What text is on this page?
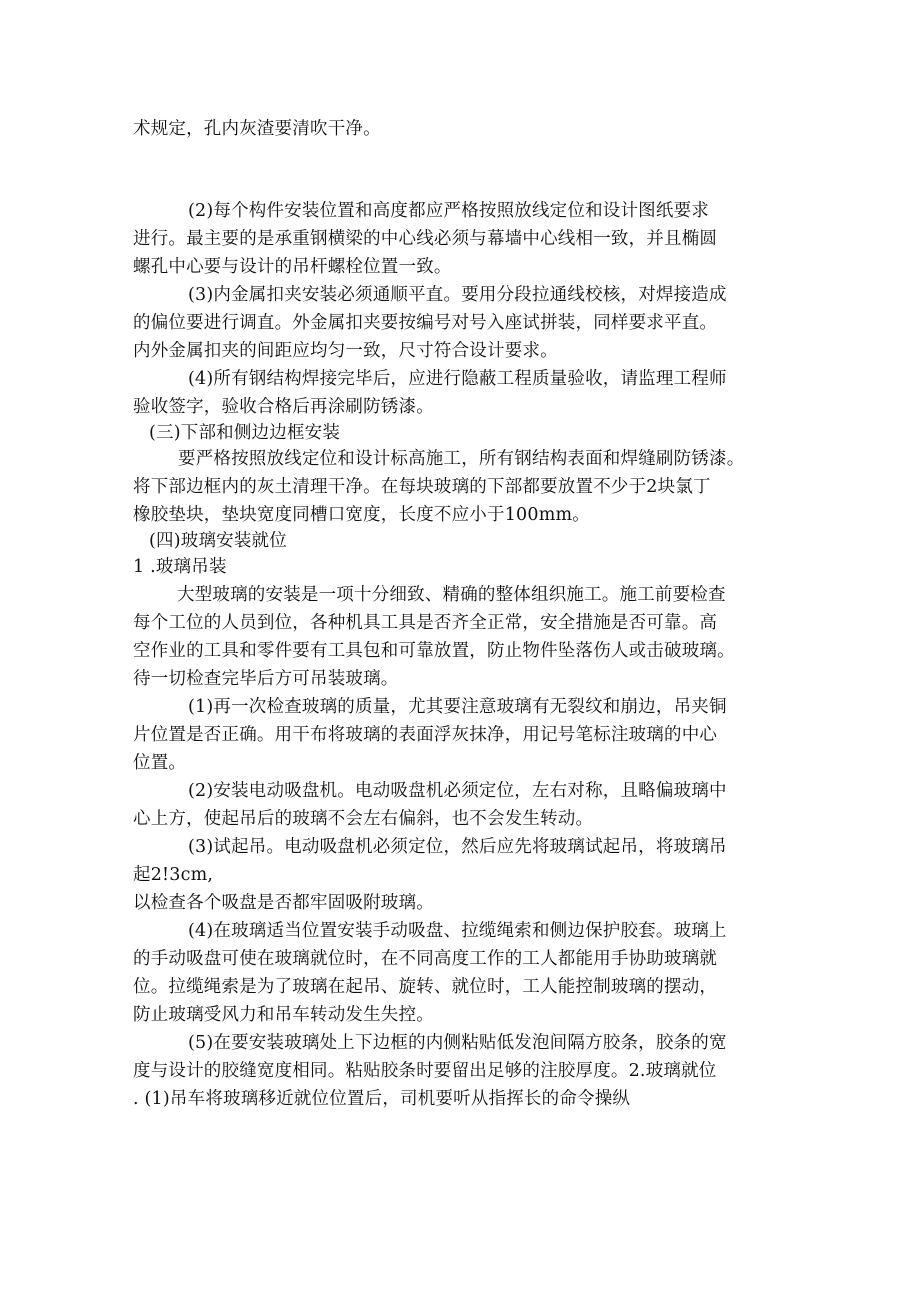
术规定，孔内灰渣要清吹干净。
(2)每个构件安装位置和高度都应严格按照放线定位和设计图纸要求
进行。最主要的是承重钢横梁的中心线必须与幕墙中心线相一致，并且椭圆
螺孔中心要与设计的吊杆螺栓位置一致。
(3)内金属扣夹安装必须通顺平直。要用分段拉通线校核，对焊接造成
的偏位要进行调直。外金属扣夹要按编号对号入座试拼装，同样要求平直。
内外金属扣夹的间距应均匀一致，尺寸符合设计要求。
(4)所有钢结构焊接完毕后，应进行隐蔽工程质量验收，请监理工程师
验收签字，验收合格后再涂刷防锈漆。
(三)下部和侧边边框安装
要严格按照放线定位和设计标高施工，所有钢结构表面和焊缝刷防锈漆。
将下部边框内的灰土清理干净。在每块玻璃的下部都要放置不少于2块氯丁
橡胶垫块，垫块宽度同槽口宽度，长度不应小于100mm。
(四)玻璃安装就位
1 .玻璃吊装
大型玻璃的安装是一项十分细致、精确的整体组织施工。施工前要检查
每个工位的人员到位，各种机具工具是否齐全正常，安全措施是否可靠。高
空作业的工具和零件要有工具包和可靠放置，防止物件坠落伤人或击破玻璃。
待一切检查完毕后方可吊装玻璃。
(1)再一次检查玻璃的质量，尤其要注意玻璃有无裂纹和崩边，吊夹铜
片位置是否正确。用干布将玻璃的表面浮灰抹净，用记号笔标注玻璃的中心
位置。
(2)安装电动吸盘机。电动吸盘机必须定位，左右对称，且略偏玻璃中
心上方，使起吊后的玻璃不会左右偏斜，也不会发生转动。
(3)试起吊。电动吸盘机必须定位，然后应先将玻璃试起吊，将玻璃吊
起2!3cm,
以检查各个吸盘是否都牢固吸附玻璃。
(4)在玻璃适当位置安装手动吸盘、拉缆绳索和侧边保护胶套。玻璃上
的手动吸盘可使在玻璃就位时，在不同高度工作的工人都能用手协助玻璃就
位。拉缆绳索是为了玻璃在起吊、旋转、就位时，工人能控制玻璃的摆动，
防止玻璃受风力和吊车转动发生失控。
(5)在要安装玻璃处上下边框的内侧粘贴低发泡间隔方胶条，胶条的宽
度与设计的胶缝宽度相同。粘贴胶条时要留出足够的注胶厚度。2.玻璃就位
. (1)吊车将玻璃移近就位位置后，司机要听从指挥长的命令操纵
